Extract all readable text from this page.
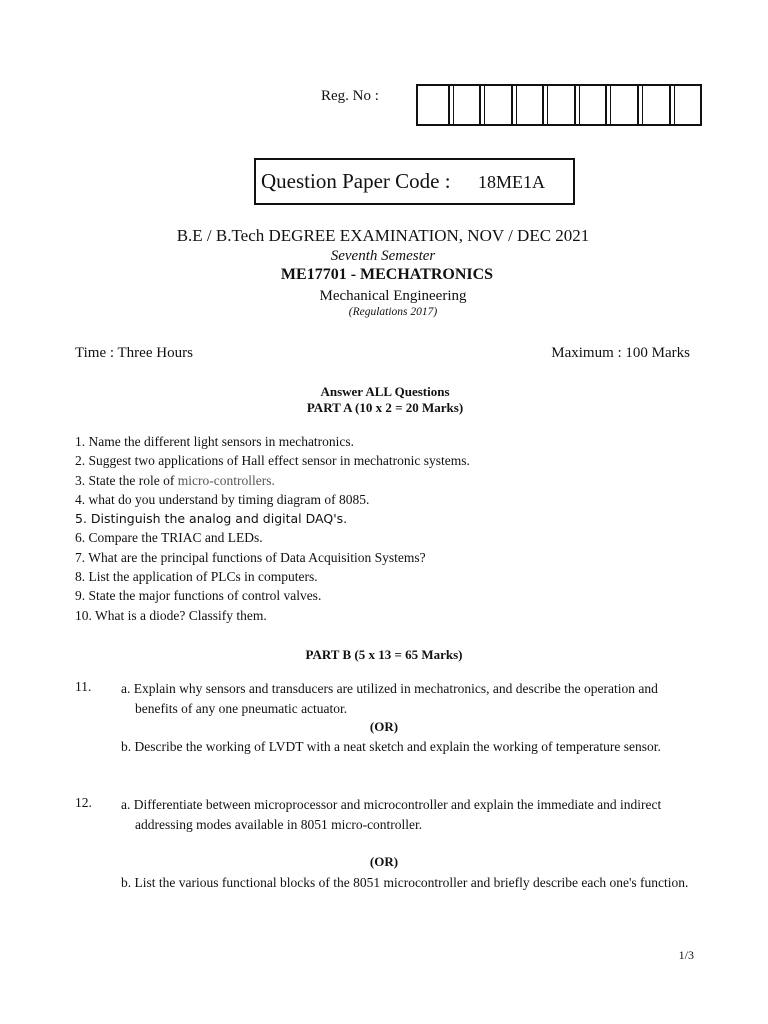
Reg. No :
Question Paper Code : 18ME1A
B.E / B.Tech DEGREE EXAMINATION, NOV / DEC 2021
Seventh Semester
ME17701 - MECHATRONICS
Mechanical Engineering
(Regulations 2017)
Time : Three Hours	Maximum : 100 Marks
Answer ALL Questions
PART A (10 x 2 = 20 Marks)
1. Name the different light sensors in mechatronics.
2. Suggest two applications of Hall effect sensor in mechatronic systems.
3. State the role of micro-controllers.
4. what do you understand by timing diagram of 8085.
5. Distinguish the analog and digital DAQ's.
6. Compare the TRIAC and LEDs.
7. What are the principal functions of Data Acquisition Systems?
8. List the application of PLCs in computers.
9. State the major functions of control valves.
10. What is a diode? Classify them.
PART B (5 x 13 = 65 Marks)
11. a. Explain why sensors and transducers are utilized in mechatronics, and describe the operation and benefits of any one pneumatic actuator.
(OR)
b. Describe the working of LVDT with a neat sketch and explain the working of temperature sensor.
12. a. Differentiate between microprocessor and microcontroller and explain the immediate and indirect addressing modes available in 8051 micro-controller.
(OR)
b. List the various functional blocks of the 8051 microcontroller and briefly describe each one's function.
1/3
